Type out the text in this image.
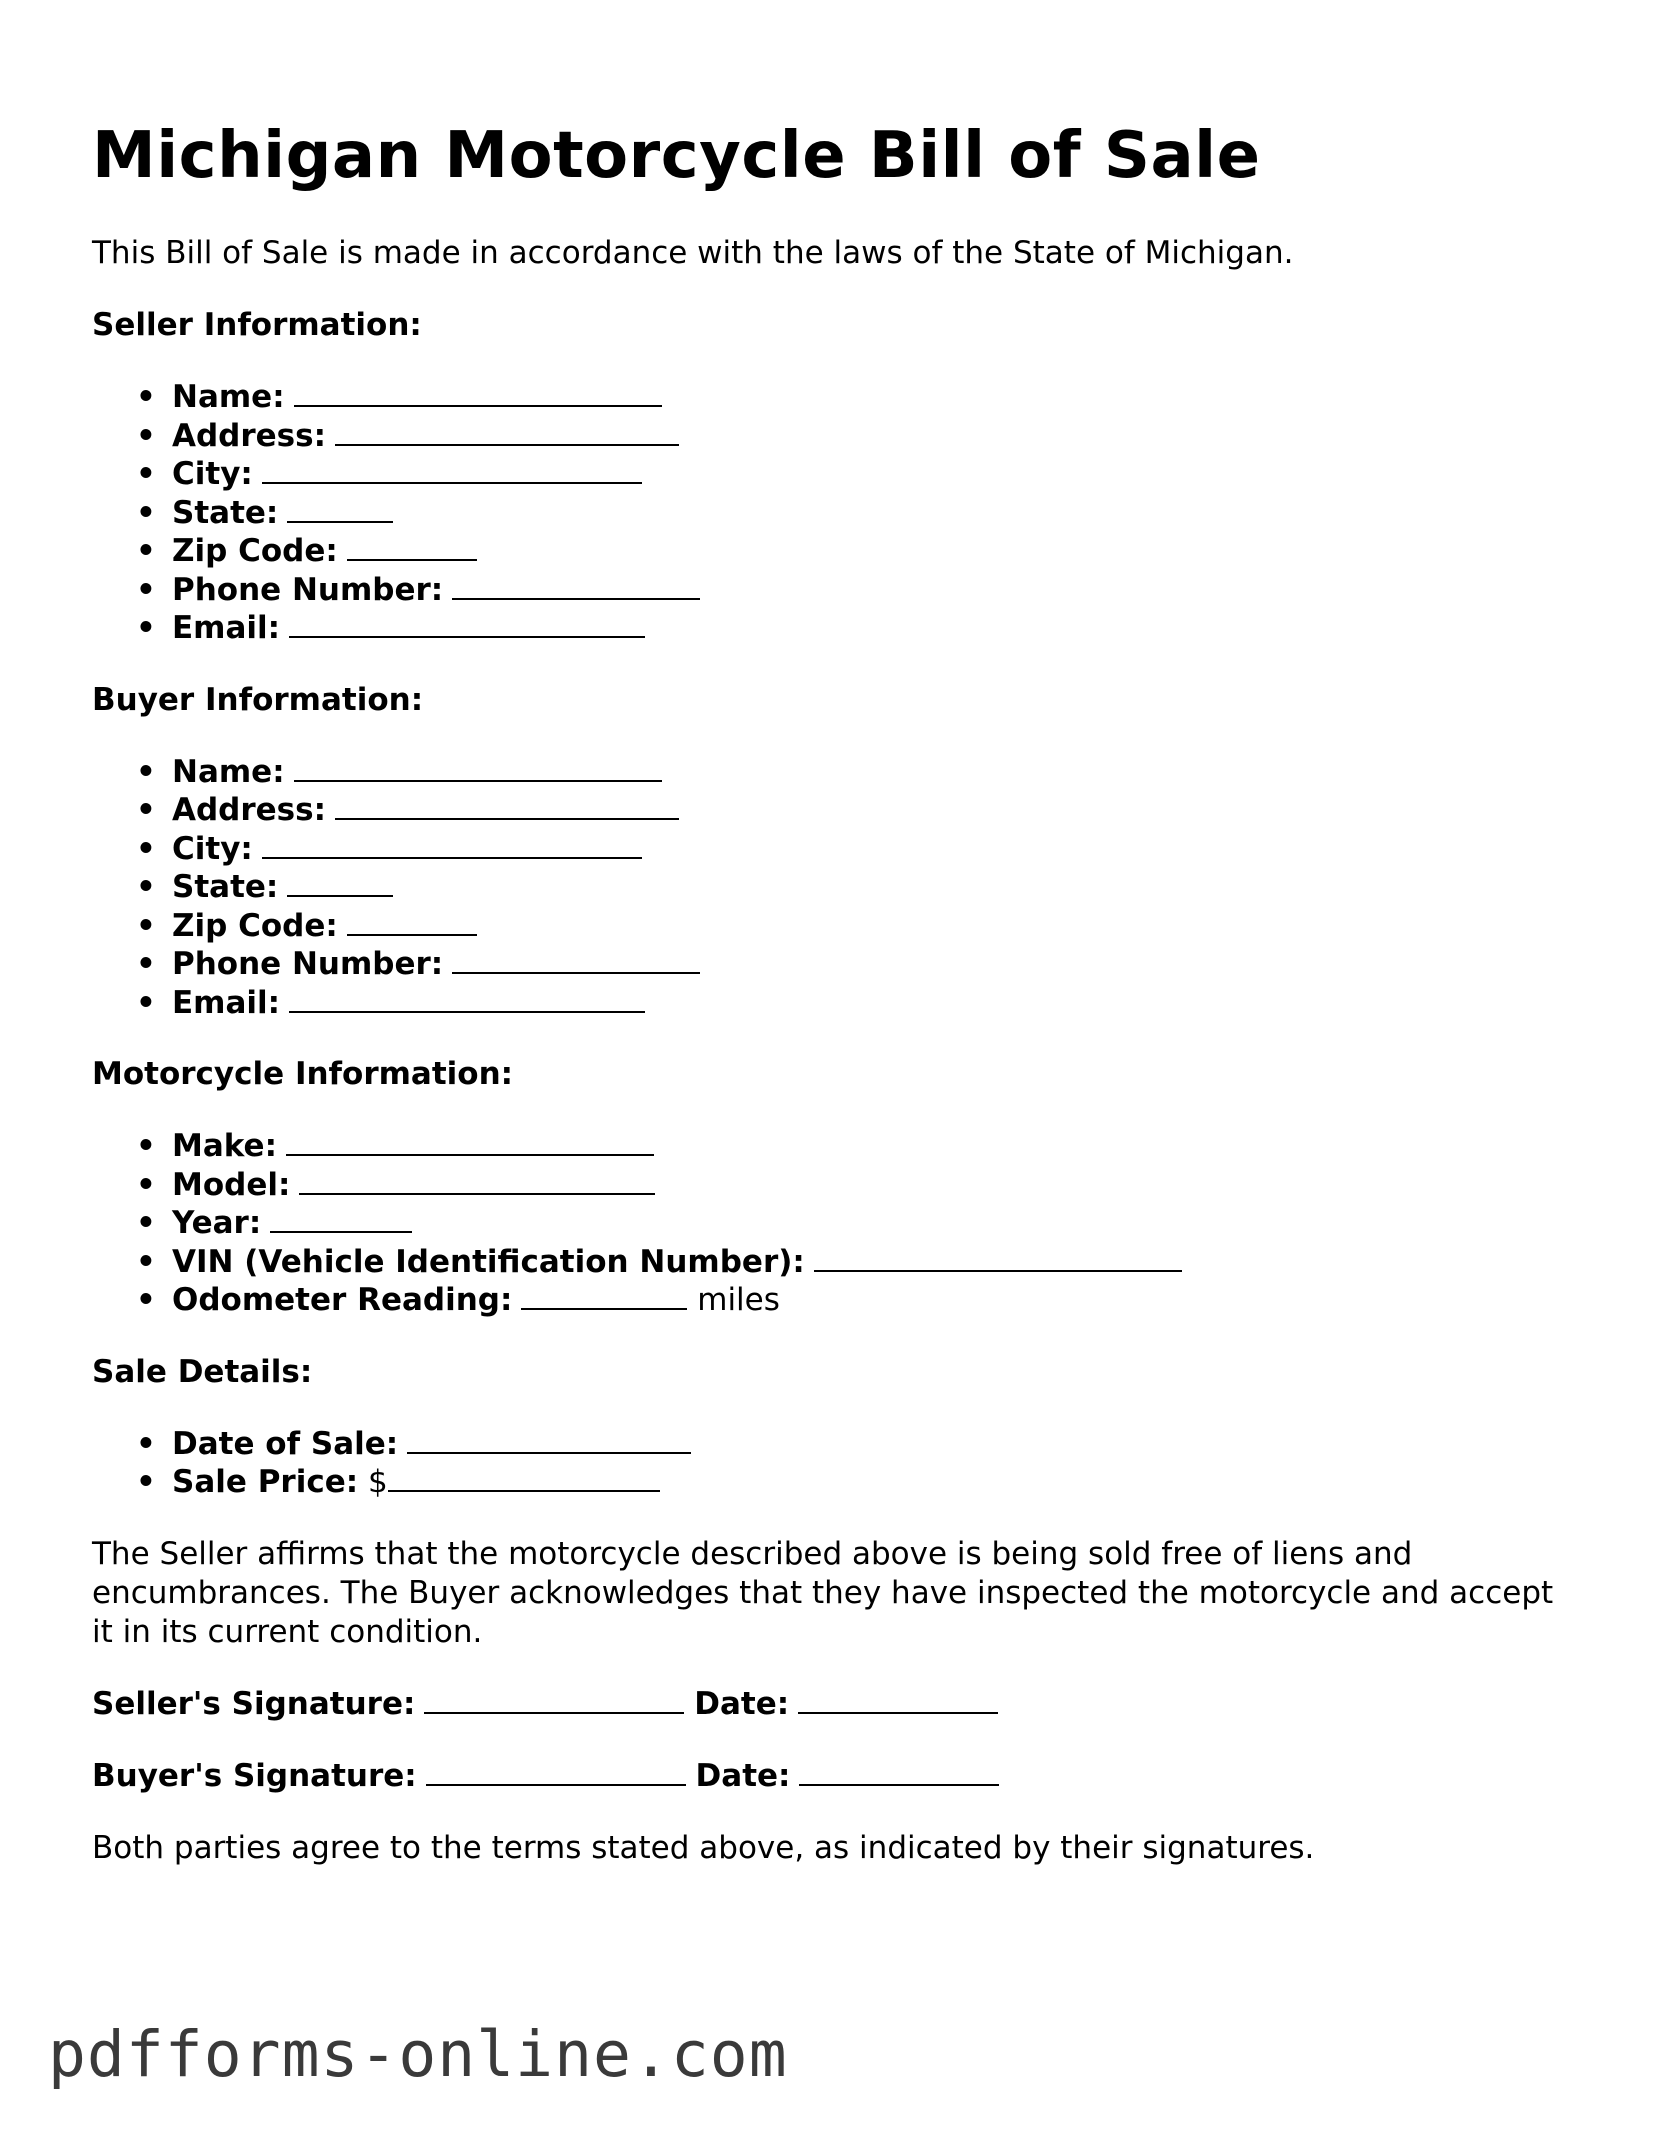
Michigan Motorcycle Bill of Sale

This Bill of Sale is made in accordance with the laws of the State of Michigan.

Seller Information:
• Name:
• Address:
• City:
• State:
• Zip Code:
• Phone Number:
• Email:
Buyer Information:
• Name:
• Address:
• City:
• State:
• Zip Code:
• Phone Number:
• Email:
Motorcycle Information:
• Make:
• Model:
• Year:
• VIN (Vehicle Identification Number):
• Odometer Reading:	miles
Sale Details:
• Date of Sale:
• Sale Price: $

The Seller affirms that the motorcycle described above is being sold free of liens and encumbrances. The Buyer acknowledges that they have inspected the motorcycle and accept it in its current condition.

Seller's Signature:	Date:
Buyer's Signature:	Date:

Both parties agree to the terms stated above, as indicated by their signatures.

pdfforms-online.com
